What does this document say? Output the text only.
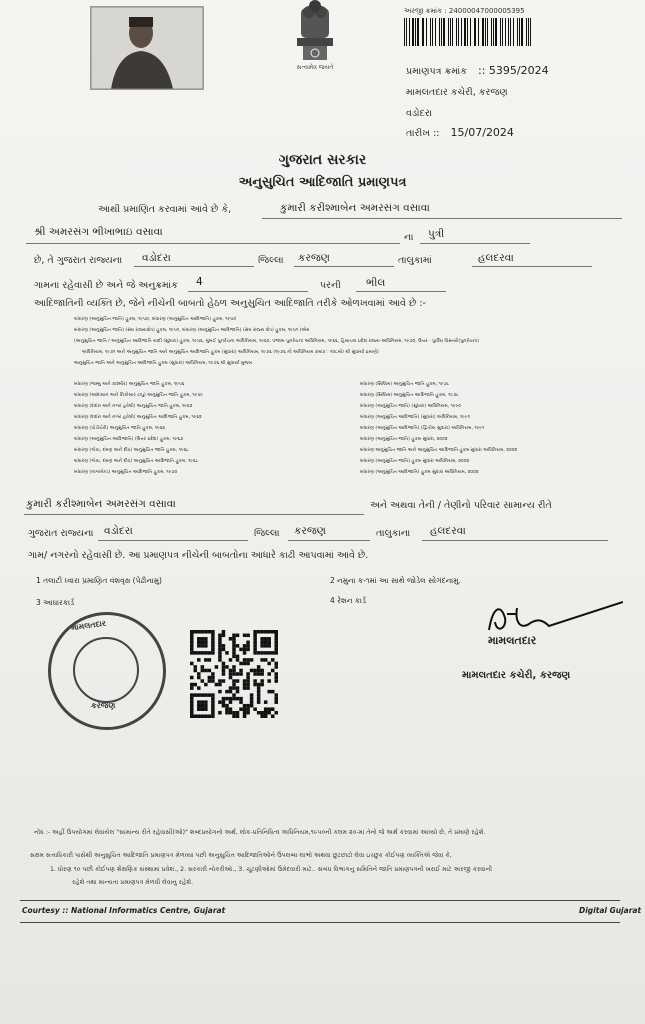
સત્યમેવ જયતે
અરજી ક્રમાંક : 24000047000005395
પ્રમાણપત્ર ક્રમાંક :: 5395/2024
મામલતદાર કચેરી, કરજણ
વડોદરા
તારીખ :: 15/07/2024
ગુજરાત સરકાર
અનુસુચિત આદિજાતિ પ્રમાણપત્ર
આથી પ્રમાણિત કરવામાં આવે છે કે,	કુમારી કરીશ્માબેન અમરસંગ વસાવા
શ્રી અમરસંગ ભીખાભાઇ વસાવા	ના પુત્રી
છે, તે ગુજરાત રાજ્યના વડોદરા	જિલ્લા કરજણ	તાલુકામાં	હલદરવા
ગામના રહેવાસી છે અને જે અનુક્રમાંક 4	પરની ભીલ
આદિજાતિની વ્યક્તિ છે, જેને નીચેની બાબતો હેઠળ અનુસુચિત આદિજાતિ તરીકે ઓળખવામાં આવે છે :-
બંધારણ (અનુસુચિત જાતિ) હુકમ, ૧૯૫૦, બંધારણ (અનુસુચિત આદિજાતિ) હુકમ, ૧૯૫૦
બંધારણ (અનુસુચિત જાતિ) (સંઘ રાજ્યક્ષેત્ર) હુકમ, ૧૯૫૧, બંધારણ (અનુસુચિત આદિજાતિ) (સંઘ રાજ્ય ક્ષેત્ર) હુકમ, ૧૯૫૧ (એમ
(અનુસુચિત જાતિ / અનુસુચિત આદિજાતિ યાદી (સુધારા) હુકમ, ૧૯૫૬, મુંબઈ પુનર્રચના અધિનિયમ, ૧૯૬૦, પંજાબ પુનર્રચના અધિનિયમ, ૧૯૬૬, હિમાચલ પ્રદેશ રાજ્ય અધિનિયમ, ૧૯૭૦, ઉત્તર - પુર્વીય વિસ્તારો(પુનર્રચના)
અધિનિયમ, ૧૯૭૧ અને અનુસુચિત જાતિ અને અનુસુચિત આદિજાતિ હુકમ (સુધારા) અધિનિયમ, ૧૯૭૬ (૧૯૭૬ નો અધિનિયમ ક્રમાંક : ૧૦૮મો) થી સુધાર્યા પ્રમાણે)
અનુસુચિત જાતિ અને અનુસુચિત આદિજાતિ હુકમ (સુધારા) અધિનિયમ, ૧૯૭૬ થી સુધાર્યા મુજબ
બંધારણ (જમ્મુ અને કાશ્મીર) અનુસુચિત જાતિ હુકમ, ૧૯૫૬
બંધારણ (આંદામાન અને નિકોબાર ટાપુ) અનુસુચિત જાતિ હુકમ, ૧૯૫૯
બંધારણ (દાદરા અને નગર હવેલી) અનુસુચિત જાતિ હુકમ, ૧૯૬૨
બંધારણ (દાદરા અને નગર હવેલી) અનુસુચિત આદિજાતિ હુકમ, ૧૯૬૨
બંધારણ (પોંડીચેરી) અનુસુચિત જાતિ હુકમ, ૧૯૬૪
બંધારણ (અનુસુચિત આદિજાતિ) (ઉત્તર પ્રદેશ) હુકમ, ૧૯૬૭
બંધારણ (ગોવા, દમણ અને દીવ) અનુસુચિત જાતિ હુકમ, ૧૯૬૮
બંધારણ (ગોવા, દમણ અને દીવ) અનુસુચિત આદિજાતિ હુકમ, ૧૯૬૮
બંધારણ (નાગાલેન્ડ) અનુસુચિત આદિજાતિ હુકમ, ૧૯૭૦
બંધારણ (સિક્કિમ) અનુસુચિત જાતિ હુકમ, ૧૯૭૮
બંધારણ (સિક્કિમ) અનુસુચિત આદિજાતિ હુકમ, ૧૯૭૮
બંધારણ (અનુસુચિત જાતિ) (સુધારા) અધિનિયમ, ૧૯૯૦
બંધારણ (અનુસુચિત આદિજાતિ) (સુધારા) અધિનિયમ, ૧૯૯૧
બંધારણ (અનુસુચિત આદિજાતિ) (દ્વિતીય સુધારા) અધિનિયમ, ૧૯૯૧
બંધારણ (અનુસુચિત જાતિ) હુકમ સુધારા, ૨૦૦૨
બંધારણ અનુસુચિત જાતિ અને અનુસુચિત આદિજાતિ હુકમ સુધારા અધિનિયમ, ૨૦૦૨
બંધારણ (અનુસુચિત જાતિ) હુકમ સુધારા અધિનિયમ, ૨૦૦૨
બંધારણ (અનુસુચિત આદિજાતિ) હુકમ સુધારા અધિનિયમ, ૨૦૦૨
કુમારી કરીશ્માબેન અમરસંગ વસાવા	અને અથવા તેની / તેણીનો પરિવાર સામાન્ય રીતે
ગુજરાત રાજ્યના વડોદરા	જિલ્લા કરજણ	તાલુકાના હલદરવા
ગામ/ નગરનો રહેવાસી છે. આ પ્રમાણપત્ર નીચેની બાબતોના આધારે કાઢી આપવામાં આવે છે.
1 તલાટી ધ્વારા પ્રમાણિત વંશવૃક્ષ (પેઢીનામુ)	2 નમુના ક-૧માં આ સાથે જોડેલ સોગંદનામુ.
3 આધારકાર્ડ	4 રેશન કાર્ડ
મામલતદાર
કરજણ
મામલતદાર
મામલતદાર કચેરી, કરજણ
નોંધ :- અહીં ઉપયોગમાં લેવાયેલ "સામાન્ય રીતે રહેવાસી(ઓ)" શબ્દપ્રયોગનો અર્થ, લોક-પ્રતિનિધિત્વ અધિનિયમ,૧૯૫૦ની કલમ ૨૦-માં તેનો જે અર્થ કરવામાં આવ્યો છે, તે પ્રમાણે રહેશે.
સક્ષમ સત્તાધિકારી પાસેથી અનુસુચિત આદિજાતિ પ્રમાણપત્ર મેળવ્યા પછી અનુસુચિત આદિજાતિઓને ઉપલબ્ધ લાભો અથવા છુટછાટો લેવા ઇચ્છુક કોઈપણ વ્યક્તિએ જેવા કે,
1. ધોરણ ૧૦ પછી કોઈપણ શૈક્ષણિક સંસ્થામાં પ્રવેશ., 2. સરકારી નોકરીઓ., 3. ચૂંટણીઓમાં ઉમેદવારી માટે.. સંબંધ વિભાગનુ સમિતિને જાતિ પ્રમાણપત્રની ખરાઈ માટે અરજી કરવાની
રહેશે તથા માન્યતા પ્રમાણપત્ર મેળવી લેવાનુ રહેશે.
Courtesy :: National Informatics Centre, Gujarat	Digital Gujarat
